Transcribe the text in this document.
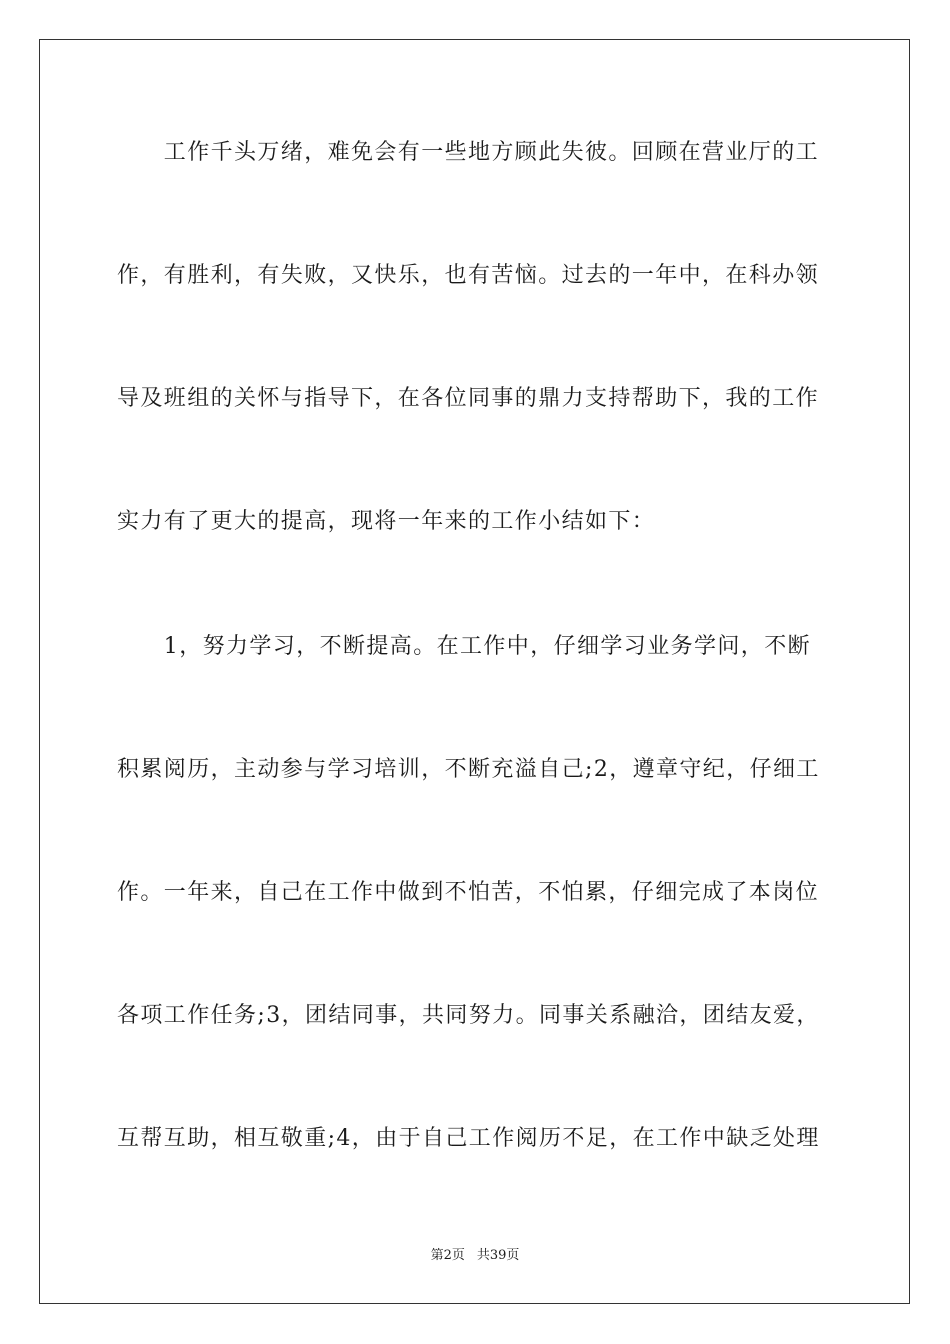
　　工作千头万绪，难免会有一些地方顾此失彼。回顾在营业厅的工
作，有胜利，有失败，又快乐，也有苦恼。过去的一年中，在科办领
导及班组的关怀与指导下，在各位同事的鼎力支持帮助下，我的工作
实力有了更大的提高，现将一年来的工作小结如下：
　　1，努力学习，不断提高。在工作中，仔细学习业务学问，不断
积累阅历，主动参与学习培训，不断充溢自己;2，遵章守纪，仔细工
作。一年来，自己在工作中做到不怕苦，不怕累，仔细完成了本岗位
各项工作任务;3，团结同事，共同努力。同事关系融洽，团结友爱，
互帮互助，相互敬重;4，由于自己工作阅历不足，在工作中缺乏处理
第2页 共39页
